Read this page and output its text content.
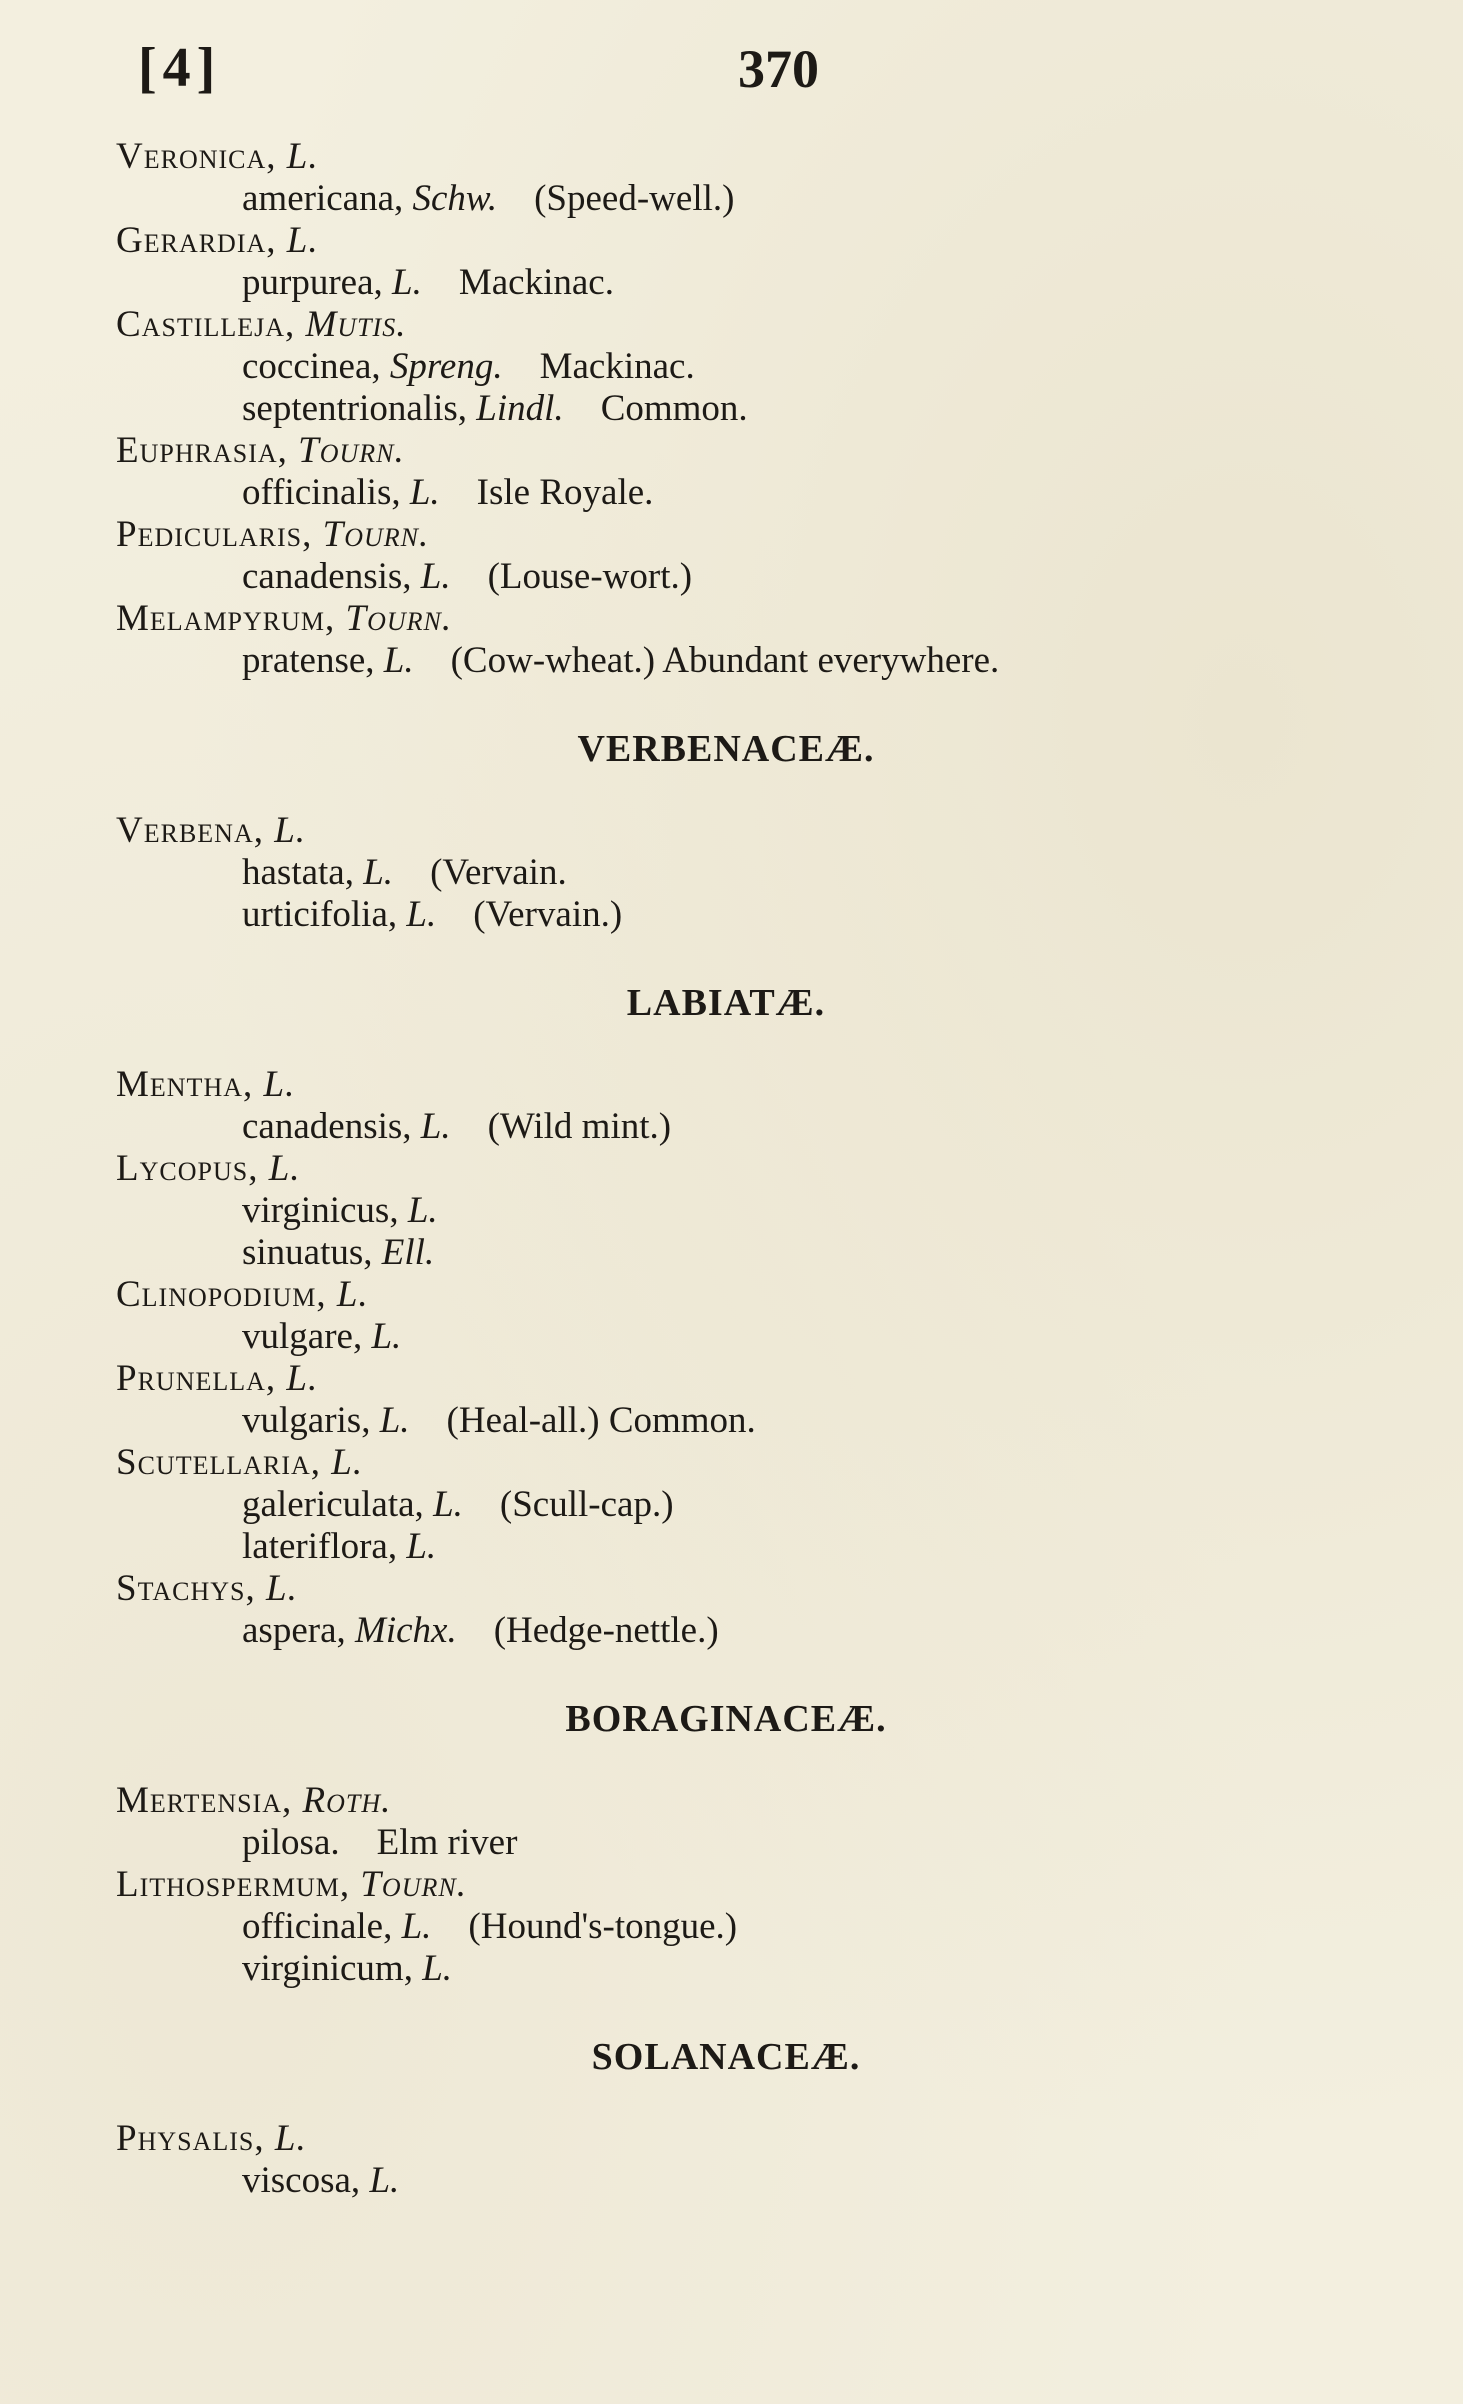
[4]	370
Veronica, L.
americana, Schw.  (Speed-well.)
Gerardia, L.
purpurea, L.  Mackinac.
Castilleja, Mutis.
coccinea, Spreng.  Mackinac.
septentrionalis, Lindl.  Common.
Euphrasia, Tourn.
officinalis, L.  Isle Royale.
Pedicularis, Tourn.
canadensis, L.  (Louse-wort.)
Melampyrum, Tourn.
pratense, L.  (Cow-wheat.) Abundant everywhere.
VERBENACEÆ.
Verbena, L.
hastata, L.  (Vervain.
urticifolia, L.  (Vervain.)
LABIATÆ.
Mentha, L.
canadensis, L.  (Wild mint.)
Lycopus, L.
virginicus, L.
sinuatus, Ell.
Clinopodium, L.
vulgare, L.
Prunella, L.
vulgaris, L.  (Heal-all.) Common.
Scutellaria, L.
galericulata, L.  (Scull-cap.)
lateriflora, L.
Stachys, L.
aspera, Michx.  (Hedge-nettle.)
BORAGINACEÆ.
Mertensia, Roth.
pilosa.  Elm river
Lithospermum, Tourn.
officinale, L.  (Hound's-tongue.)
virginicum, L.
SOLANACEÆ.
Physalis, L.
viscosa, L.
